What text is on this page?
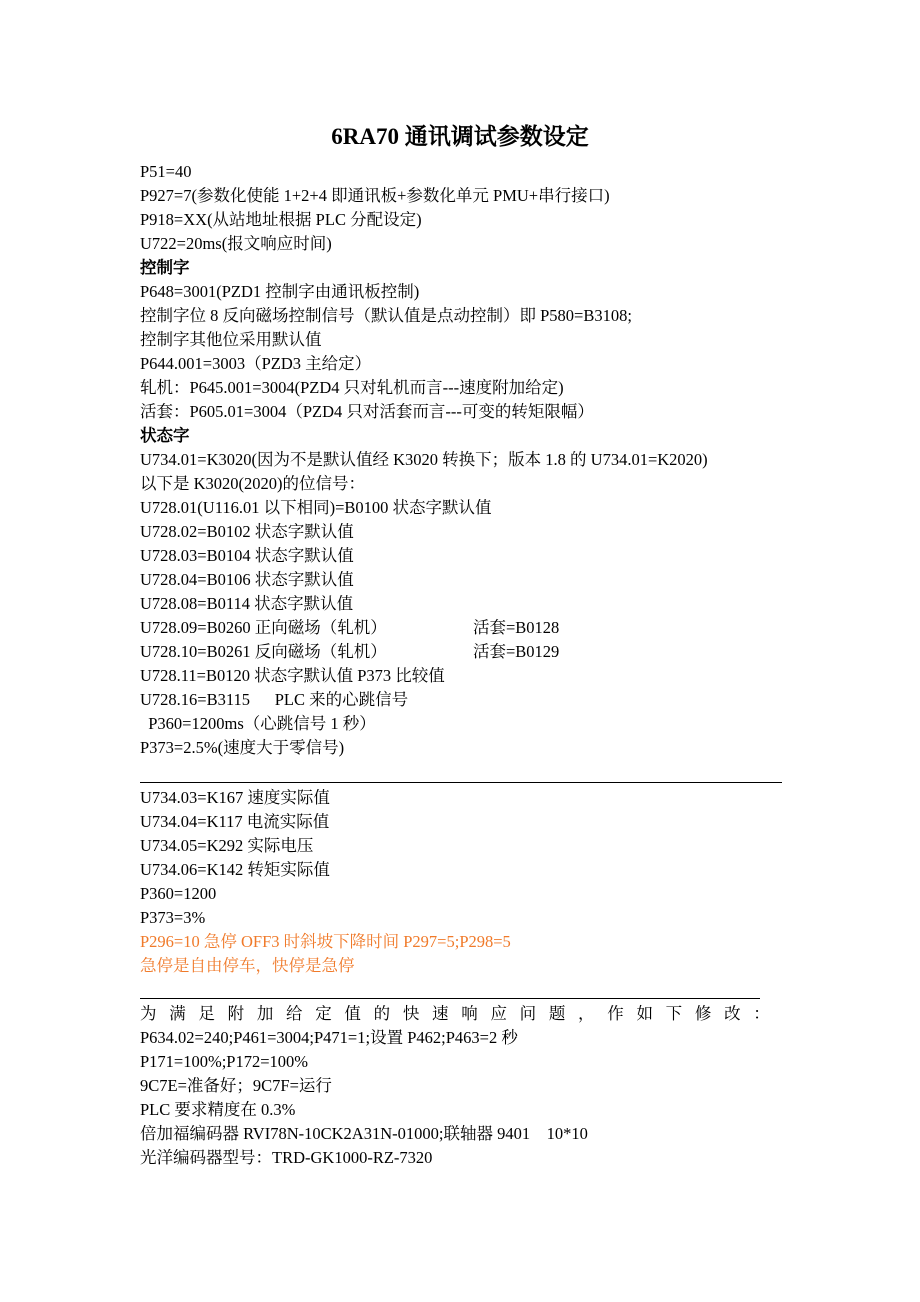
6RA70 通讯调试参数设定
P51=40
P927=7(参数化使能 1+2+4 即通讯板+参数化单元 PMU+串行接口)
P918=XX(从站地址根据 PLC 分配设定)
U722=20ms(报文响应时间)
控制字
P648=3001(PZD1 控制字由通讯板控制)
控制字位 8 反向磁场控制信号（默认值是点动控制）即 P580=B3108;
控制字其他位采用默认值
P644.001=3003（PZD3 主给定）
轧机：P645.001=3004(PZD4 只对轧机而言---速度附加给定)
活套：P605.01=3004（PZD4 只对活套而言---可变的转矩限幅）
状态字
U734.01=K3020(因为不是默认值经 K3020 转换下；版本 1.8 的 U734.01=K2020)
以下是 K3020(2020)的位信号：
U728.01(U116.01 以下相同)=B0100 状态字默认值
U728.02=B0102 状态字默认值
U728.03=B0104 状态字默认值
U728.04=B0106 状态字默认值
U728.08=B0114 状态字默认值
U728.09=B0260 正向磁场（轧机）	活套=B0128
U728.10=B0261 反向磁场（轧机）	活套=B0129
U728.11=B0120 状态字默认值 P373 比较值
U728.16=B3115      PLC 来的心跳信号
P360=1200ms（心跳信号 1 秒）
P373=2.5%(速度大于零信号)
U734.03=K167 速度实际值
U734.04=K117 电流实际值
U734.05=K292 实际电压
U734.06=K142 转矩实际值
P360=1200
P373=3%
P296=10 急停 OFF3 时斜坡下降时间 P297=5;P298=5
急停是自由停车，快停是急停
为 满 足 附 加 给 定 值 的 快 速 响 应 问 题 ， 作 如 下 修 改 ：
P634.02=240;P461=3004;P471=1;设置 P462;P463=2 秒
P171=100%;P172=100%
9C7E=准备好；9C7F=运行
PLC 要求精度在 0.3%
倍加福编码器 RVI78N-10CK2A31N-01000;联轴器 9401    10*10
光洋编码器型号：TRD-GK1000-RZ-7320
